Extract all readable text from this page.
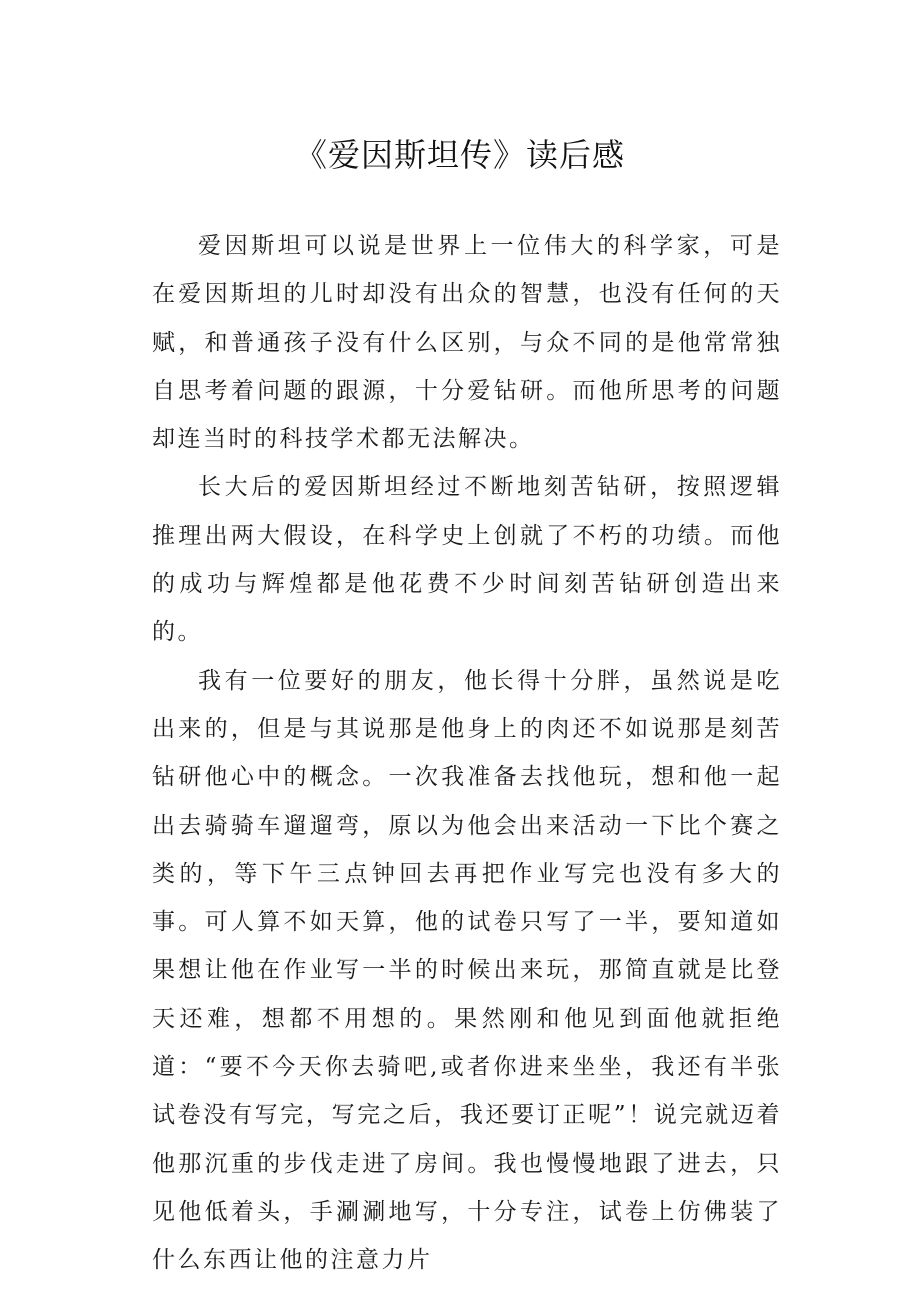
《爱因斯坦传》读后感

爱因斯坦可以说是世界上一位伟大的科学家，可是在爱因斯坦的儿时却没有出众的智慧，也没有任何的天赋，和普通孩子没有什么区别，与众不同的是他常常独自思考着问题的跟源，十分爱钻研。而他所思考的问题却连当时的科技学术都无法解决。

长大后的爱因斯坦经过不断地刻苦钻研，按照逻辑推理出两大假设，在科学史上创就了不朽的功绩。而他的成功与辉煌都是他花费不少时间刻苦钻研创造出来的。

我有一位要好的朋友，他长得十分胖，虽然说是吃出来的，但是与其说那是他身上的肉还不如说那是刻苦钻研他心中的概念。一次我准备去找他玩，想和他一起出去骑骑车遛遛弯，原以为他会出来活动一下比个赛之类的，等下午三点钟回去再把作业写完也没有多大的事。可人算不如天算，他的试卷只写了一半，要知道如果想让他在作业写一半的时候出来玩，那简直就是比登天还难，想都不用想的。果然刚和他见到面他就拒绝道：“要不今天你去骑吧,或者你进来坐坐，我还有半张试卷没有写完，写完之后，我还要订正呢”！说完就迈着他那沉重的步伐走进了房间。我也慢慢地跟了进去，只见他低着头，手涮涮地写，十分专注，试卷上仿佛装了什么东西让他的注意力片
